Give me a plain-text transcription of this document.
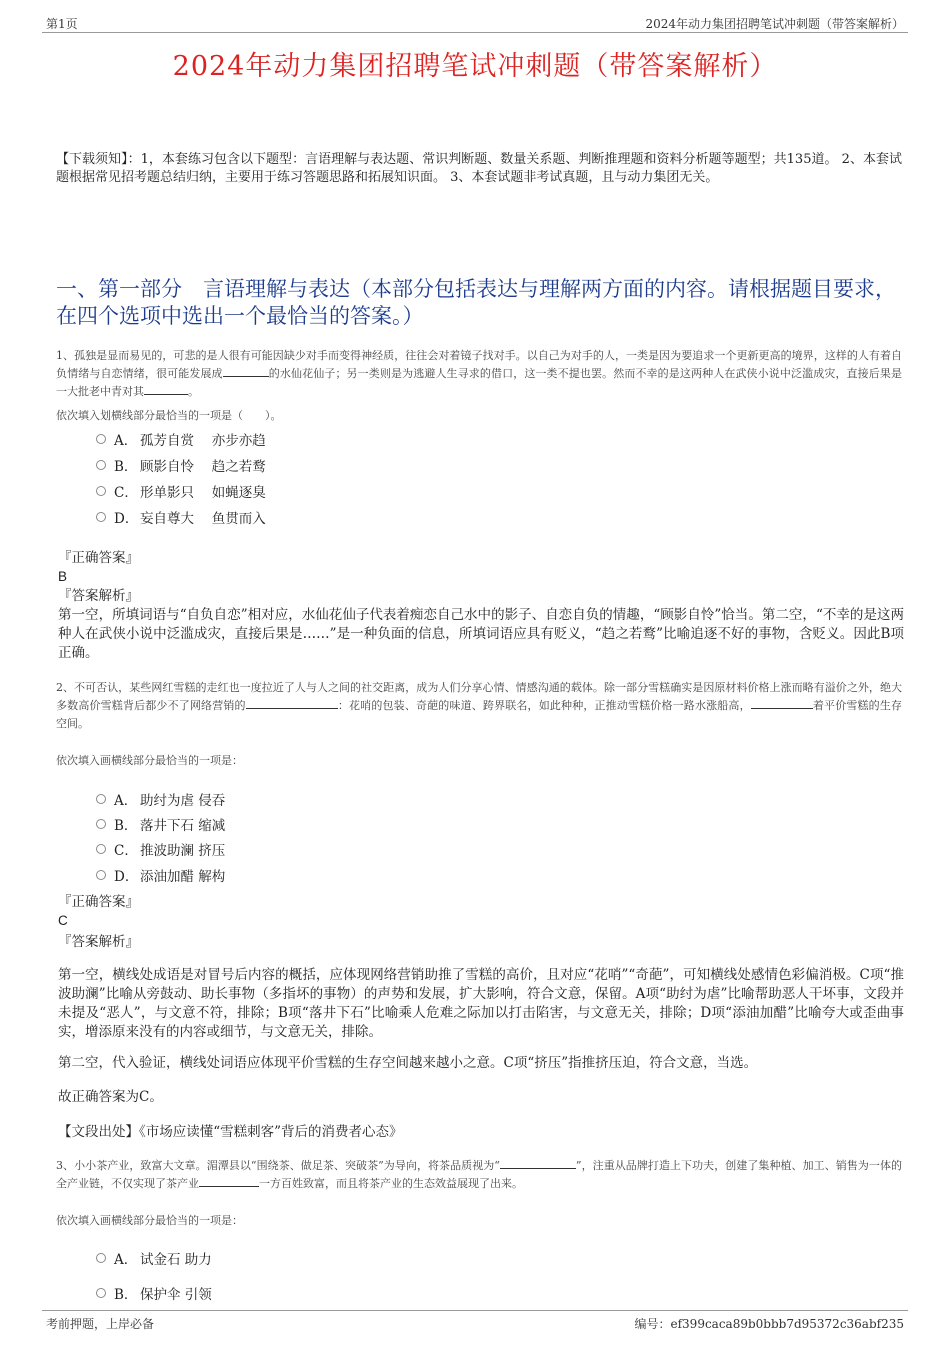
第1页	2024年动力集团招聘笔试冲刺题（带答案解析）
2024年动力集团招聘笔试冲刺题（带答案解析）
【下载须知】：1，本套练习包含以下题型：言语理解与表达题、常识判断题、数量关系题、判断推理题和资料分析题等题型；共135道。 2、本套试题根据常见招考题总结归纳，主要用于练习答题思路和拓展知识面。 3、本套试题非考试真题，且与动力集团无关。
一、第一部分　言语理解与表达（本部分包括表达与理解两方面的内容。请根据题目要求，在四个选项中选出一个最恰当的答案。）
1、孤独是显而易见的，可悲的是人很有可能因缺少对手而变得神经质，往往会对着镜子找对手。以自己为对手的人，一类是因为要追求一个更新更高的境界，这样的人有着自负情绪与自恋情绪，很可能发展成	的水仙花仙子；另一类则是为逃避人生寻求的借口，这一类不提也罢。然而不幸的是这两种人在武侠小说中泛滥成灾，直接后果是一大批老中青对其	。
依次填入划横线部分最恰当的一项是（　　）。
A． 孤芳自赏　 亦步亦趋
B． 顾影自怜　 趋之若鹜
C． 形单影只　 如蝇逐臭
D． 妄自尊大　 鱼贯而入
『正确答案』
B
『答案解析』
第一空，所填词语与“自负自恋”相对应，水仙花仙子代表着痴恋自己水中的影子、自恋自负的情趣，“顾影自怜”恰当。第二空，“不幸的是这两种人在武侠小说中泛滥成灾，直接后果是……”是一种负面的信息，所填词语应具有贬义，“趋之若鹜”比喻追逐不好的事物，含贬义。因此B项正确。
2、不可否认，某些网红雪糕的走红也一度拉近了人与人之间的社交距离，成为人们分享心情、情感沟通的载体。除一部分雪糕确实是因原材料价格上涨而略有溢价之外，绝大多数高价雪糕背后都少不了网络营销的	：花哨的包装、奇葩的味道、跨界联名，如此种种，正推动雪糕价格一路水涨船高，	着平价雪糕的生存空间。
依次填入画横线部分最恰当的一项是：
A． 助纣为虐 侵吞
B． 落井下石 缩减
C． 推波助澜 挤压
D． 添油加醋 解构
『正确答案』
C
『答案解析』
第一空，横线处成语是对冒号后内容的概括，应体现网络营销助推了雪糕的高价，且对应“花哨”“奇葩”，可知横线处感情色彩偏消极。C项“推波助澜”比喻从旁鼓动、助长事物（多指坏的事物）的声势和发展，扩大影响，符合文意，保留。A项“助纣为虐”比喻帮助恶人干坏事，文段并未提及“恶人”，与文意不符，排除；B项“落井下石”比喻乘人危难之际加以打击陷害，与文意无关，排除；D项“添油加醋”比喻夸大或歪曲事实，增添原来没有的内容或细节，与文意无关，排除。
第二空，代入验证，横线处词语应体现平价雪糕的生存空间越来越小之意。C项“挤压”指推挤压迫，符合文意，当选。
故正确答案为C。
【文段出处】《市场应读懂“雪糕刺客”背后的消费者心态》
3、小小茶产业，致富大文章。湄潭县以“围绕茶、做足茶、突破茶”为导向，将茶品质视为“	”，注重从品牌打造上下功夫，创建了集种植、加工、销售为一体的全产业链，不仅实现了茶产业	一方百姓致富，而且将茶产业的生态效益展现了出来。
依次填入画横线部分最恰当的一项是：
A． 试金石 助力
B． 保护伞 引领
考前押题，上岸必备	编号：ef399caca89b0bbb7d95372c36abf235
